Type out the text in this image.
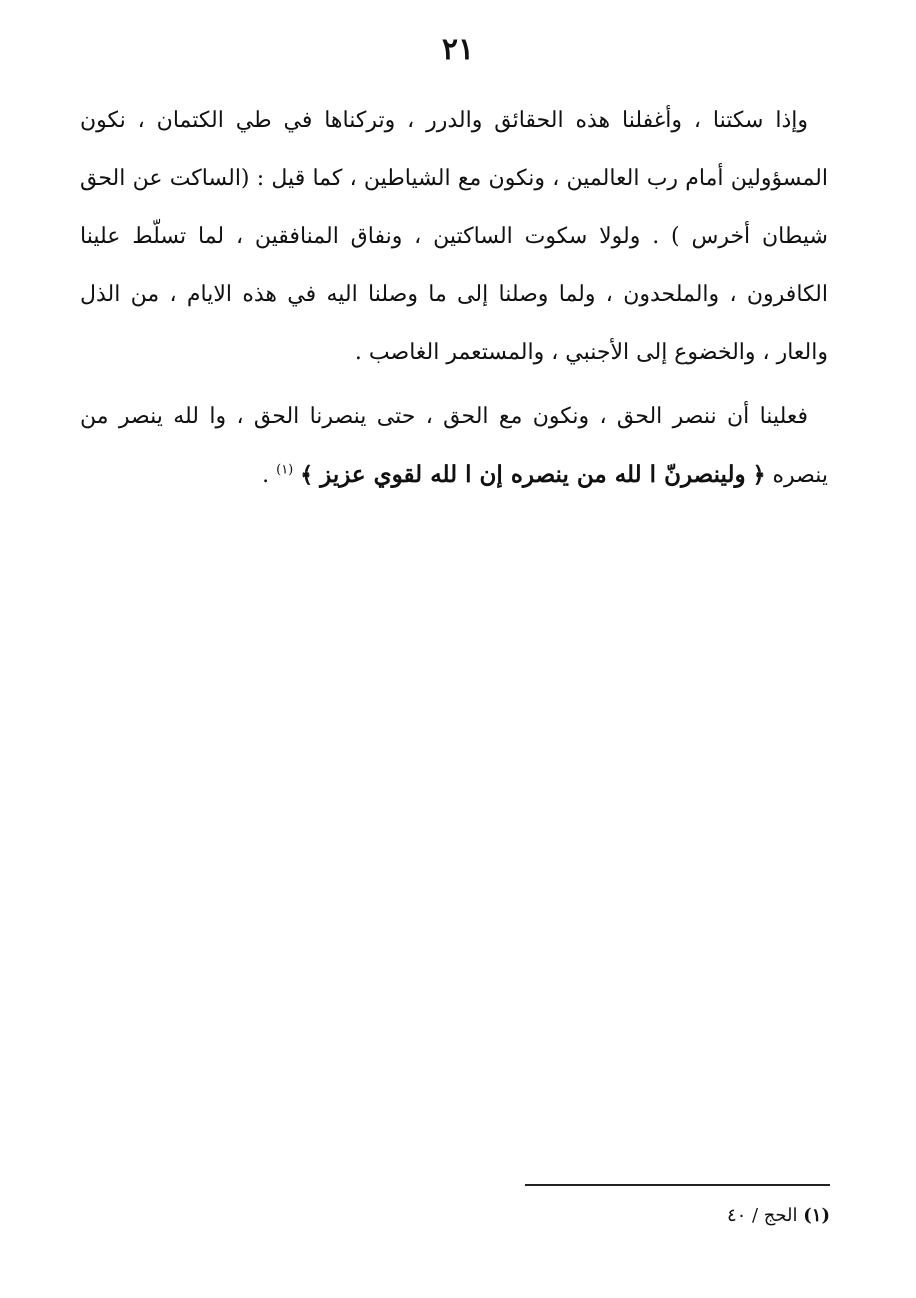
٢١

وإذا سكتنا ، وأغفلنا هذه الحقائق والدرر ، وتركناها في طي الكتمان ، نكون المسؤولين أمام رب العالمين ، ونكون مع الشياطين ، كما قيل : (الساكت عن الحق شيطان أخرس ) . ولولا سكوت الساكتين ، ونفاق المنافقين ، لما تسلّط علينا الكافرون ، والملحدون ، ولما وصلنا إلى ما وصلنا اليه في هذه الايام ، من الذل والعار ، والخضوع إلى الأجنبي ، والمستعمر الغاصب .

فعلينا أن ننصر الحق ، ونكون مع الحق ، حتى ينصرنا الحق ، وا لله ينصر من ينصره ﴿ ولينصرنّ ا لله من ينصره إن ا لله لقوي عزيز ﴾ $^{(١)}$ .

(١) الحج / ٤٠
